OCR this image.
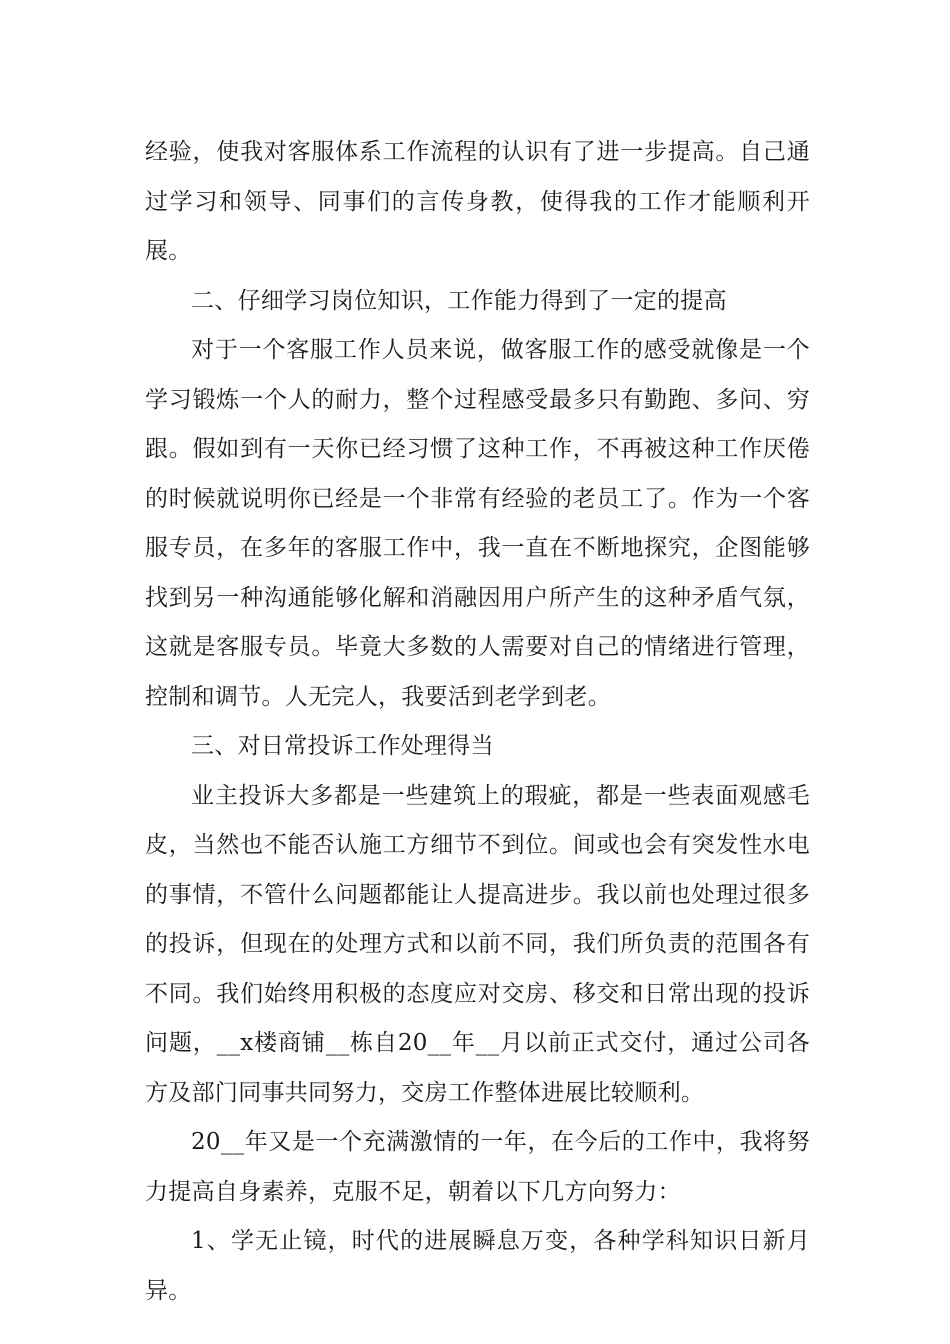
经验，使我对客服体系工作流程的认识有了进一步提高。自己通过学习和领导、同事们的言传身教，使得我的工作才能顺利开展。

二、仔细学习岗位知识，工作能力得到了一定的提高

对于一个客服工作人员来说，做客服工作的感受就像是一个学习锻炼一个人的耐力，整个过程感受最多只有勤跑、多问、穷跟。假如到有一天你已经习惯了这种工作，不再被这种工作厌倦的时候就说明你已经是一个非常有经验的老员工了。作为一个客服专员，在多年的客服工作中，我一直在不断地探究，企图能够找到另一种沟通能够化解和消融因用户所产生的这种矛盾气氛，这就是客服专员。毕竟大多数的人需要对自己的情绪进行管理，控制和调节。人无完人，我要活到老学到老。

三、对日常投诉工作处理得当

业主投诉大多都是一些建筑上的瑕疵，都是一些表面观感毛皮，当然也不能否认施工方细节不到位。间或也会有突发性水电的事情，不管什么问题都能让人提高进步。我以前也处理过很多的投诉，但现在的处理方式和以前不同，我们所负责的范围各有不同。我们始终用积极的态度应对交房、移交和日常出现的投诉问题，__x楼商铺__栋自20__年__月以前正式交付，通过公司各方及部门同事共同努力，交房工作整体进展比较顺利。

20__年又是一个充满激情的一年，在今后的工作中，我将努力提高自身素养，克服不足，朝着以下几方向努力：

1、学无止镜，时代的进展瞬息万变，各种学科知识日新月异。
